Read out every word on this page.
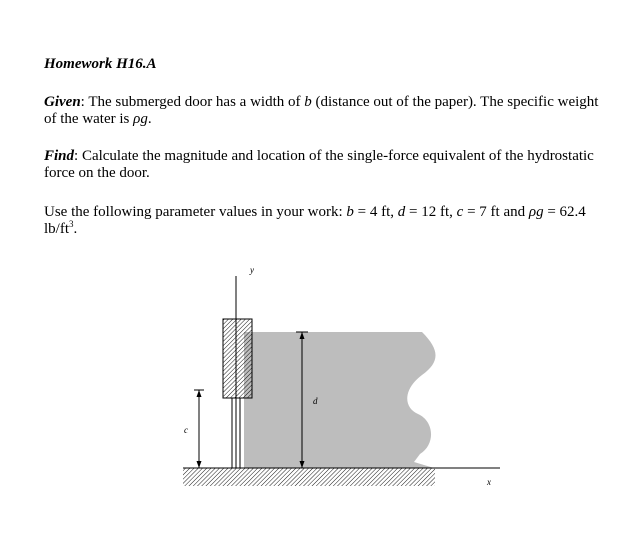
Homework H16.A
Given: The submerged door has a width of b (distance out of the paper). The specific weight of the water is ρg.
Find: Calculate the magnitude and location of the single-force equivalent of the hydrostatic force on the door.
Use the following parameter values in your work: b = 4 ft, d = 12 ft, c = 7 ft and ρg = 62.4 $lb/ft^3$.
y
x
d
c
